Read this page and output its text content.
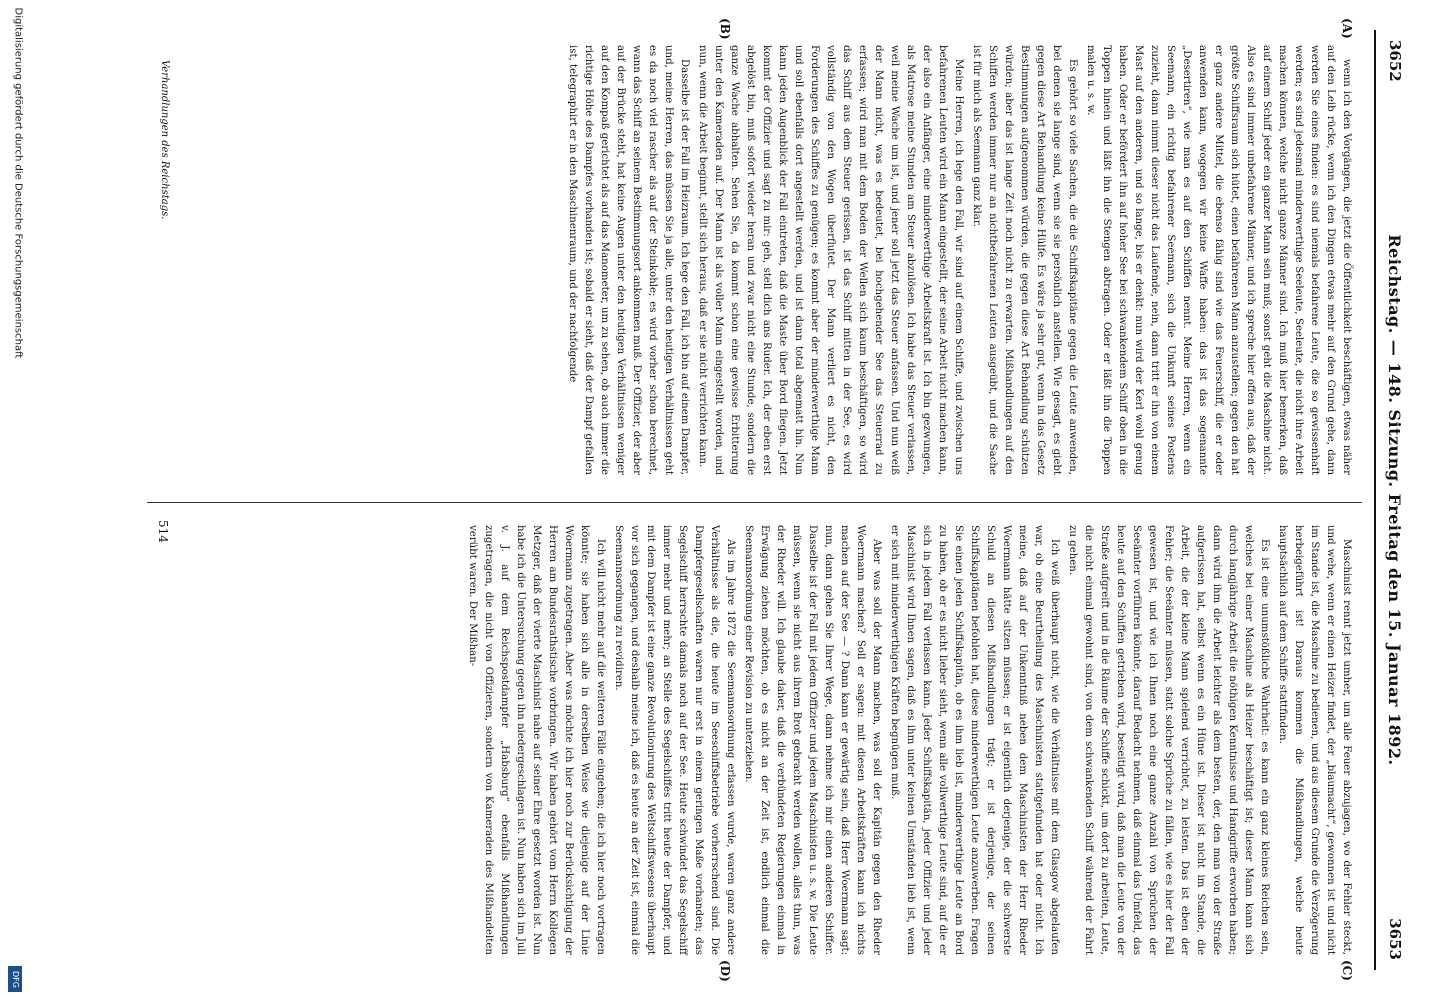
Digitalisierung gefördert durch die Deutsche Forschungsgemeinschaft
DFG
3652
Reichstag. — 148. Sitzung. Freitag den 15. Januar 1892.
3653
(A)
(B)
(C)
(D)

wenn ich den Vorgängen, die jetzt die Öffentlichkeit beschäftigen, etwas näher auf den Leib rücke, wenn ich den Dingen etwas mehr auf den Grund gehe, dann werden Sie eines finden: es sind niemals befahrene Leute, die so gewissenhaft werden; es sind jedesmal minderwerthige Seeleute, Seeleute, die nicht ihre Arbeit machen können, welche nicht ganze Männer sind. Ich muß hier bemerken, daß auf einem Schiff jeder ein ganzer Mann sein muß; sonst geht die Maschine nicht. Also es sind immer unbefahrene Männer, und ich spreche hier offen aus, daß der größte Schiffsraum sich hütet, einen befahrenen Mann anzustellen; gegen den hat er ganz andere Mittel, die ebenso fähig sind wie das Feuerschiff, die er oder anwenden kann, wogegen wir keine Waffe haben: das ist das sogenannte „Desertiren“, wie man es auf den Schiffen nennt. Meine Herren, wenn ein Seemann, ein richtig befahrener Seemann, sich die Unkunft seines Postens zuzieht, dann nimmt dieser nicht das Laufende, nein, dann tritt er ihn von einem Mast auf den anderen, und so lange, bis er denkt: nun wird der Kerl wohl genug haben. Oder er befördert ihn auf hoher See bei schwankendem Schiff oben in die Toppen hinein und läßt ihn die Stengen abtragen. Oder er läßt ihn die Toppen malen u. s. w.

Es gehört so viele Sachen, die die Schiffskapitäne gegen die Leute anwenden, bei denen sie lange sind, wenn sie sie persönlich anstellen. Wie gesagt, es giebt gegen diese Art Behandlung keine Hülfe. Es wäre ja sehr gut, wenn in das Gesetz Bestimmungen aufgenommen würden, die gegen diese Art Behandlung schützen würden; aber das ist lange Zeit noch nicht zu erwarten. Mißhandlungen auf den Schiffen werden immer nur an nichtbefahrenen Leuten ausgeübt, und die Sache ist für mich als Seemann ganz klar.

Meine Herren, ich lege den Fall, wir sind auf einem Schiffe, und zwischen uns befahrenen Leuten wird ein Mann eingestellt, der seine Arbeit nicht machen kann, der also ein Anfänger, eine minderwerthige Arbeitskraft ist. Ich bin gezwungen, als Matrose meine Stunden am Steuer abzulösen. Ich habe das Steuer verlassen, weil meine Wache um ist, und jener soll jetzt das Steuer anfassen. Und nun weiß der Mann nicht, was es bedeutet, bei hochgehender See das Steuerrad zu erfassen; wird man mit dem Boden der Wellen sich kaum beschäftigen, so wird das Schiff aus dem Steuer gerissen, ist das Schiff mitten in der See, es wird vollständig von den Wogen überflutet. Der Mann verliert es nicht, den Forderungen des Schiffes zu genügen; es kommt aber der minderwerthige Mann und soll ebenfalls dort angestellt werden, und ist dann total abgematt hin. Nun kann jeden Augenblick der Fall eintreten, daß die Maste über Bord fliegen. Jetzt kommt der Offizier und sagt zu mir: geh, stell dich ans Ruder. Ich, der eben erst abgelöst bin, muß sofort wieder heran und zwar nicht eine Stunde, sondern die ganze Wache abhalten. Sehen Sie, da kommt schon eine gewisse Erbitterung unter den Kameraden auf. Der Mann ist als voller Mann eingestellt worden, und nun, wenn die Arbeit beginnt, stellt sich heraus, daß er sie nicht verrichten kann.

Dasselbe ist der Fall im Heizraum. Ich lege den Fall, ich bin auf einem Dampfer, und, meine Herren, das müssen Sie ja alle, unter den heutigen Verhältnissen geht es da noch viel rascher als auf der Steinkohle; es wird vorher schon berechnet, wann das Schiff an seinem Bestimmungsort ankommen muß. Der Offizier, der aber auf der Brücke steht, hat keine Augen unter den heutigen Verhältnissen weniger auf den Kompaß gerichtet als auf das Manometer, um zu sehen, ob auch immer die richtige Höhe des Dampfes vorhanden ist; sobald er sieht, daß der Dampf gefallen ist, telegraphirt er in den Maschinenraum, und der nachfolgende

Verhandlungen des Reichstags.

Maschinist rennt jetzt umher, um alle Feuer abzujagen, wo der Fehler steckt, und wehe, wenn er einen Heizer findet, der „blaumacht“, gewonnen ist und nicht im Stande ist, die Maschine zu bedienen, und aus diesem Grunde die Verzögerung herbeigeführt ist! Daraus kommen die Mißhandlungen, welche heute hauptsächlich auf dem Schiffe stattfinden.

Es ist eine unumstößliche Wahrheit: es kann ein ganz kleines Reichen sein, welches bei einer Maschine als Heizer beschäftigt ist; dieser Mann kann sich durch langjährige Arbeit die nöthigen Kenntnisse und Handgriffe erworben haben; dann wird ihm die Arbeit leichter als dem besten, der, den man von der Straße aufgerissen hat, selbst wenn es ein Hüne ist. Dieser ist nicht im Stande, die Arbeit, die der kleine Mann spielend verrichtet, zu leisten. Das ist eben der Fehler; die Seeämter müssen, statt solche Sprüche zu fällen, wie es hier der Fall gewesen ist, und wie ich Ihnen noch eine ganze Anzahl von Sprüchen der Seeämter vorführen könnte, darauf Bedacht nehmen, daß einmal das Umfeld, das heute auf den Schiffen getrieben wird, beseitigt wird, daß man die Leute von der Straße aufgreift und in die Räume der Schiffe schickt, um dort zu arbeiten, Leute, die nicht einmal gewohnt sind, von dem schwankenden Schiff während der Fahrt zu gehen.

Ich weiß überhaupt nicht, wie die Verhältnisse mit dem Glasgow abgelaufen war, ob eine Beurtheilung des Maschinisten stattgefunden hat oder nicht. Ich meine, daß auf der Unkenntniß neben dem Maschinisten der Herr Rheder Woermann hätte sitzen müssen; er ist eigentlich derjenige, der die schwerste Schuld an diesen Mißhandlungen trägt; er ist derjenige, der seinen Schiffskapitänen befohlen hat, diese minderwerthigen Leute anzuwerben. Fragen Sie einen jeden Schiffskapitän, ob es ihm lieb ist, minderwerthige Leute an Bord zu haben, ob er es nicht lieber sieht, wenn alle vollwerthige Leute sind, auf die er sich in jedem Fall verlassen kann. Jeder Schiffskapitän, jeder Offizier und jeder Maschinist wird Ihnen sagen, daß es ihm unter keinen Umständen lieb ist, wenn er sich mit minderwerthigen Kräften begnügen muß.

Aber was soll der Mann machen, was soll der Kapitän gegen den Rheder Woermann machen? Soll er sagen: mit diesen Arbeitskräften kann ich nichts machen auf der See — ? Dann kann er gewärtig sein, daß Herr Woermann sagt: nun, dann gehen Sie Ihrer Wege, dann nehme ich mir einen anderen Schiffer. Dasselbe ist der Fall mit jedem Offizier und jedem Maschinisten u. s. w. Die Leute müssen, wenn sie nicht aus ihrem Brot gebracht werden wollen, alles thun, was der Rheder will. Ich glaube daher, daß die verbündeten Regierungen einmal in Erwägung ziehen möchten, ob es nicht an der Zeit ist, endlich einmal die Seemannsordnung einer Revision zu unterziehen.

Als im Jahre 1872 die Seemannsordnung erlassen wurde, waren ganz andere Verhältnisse als die, die heute im Seeschiffsbetriebe vorherrschend sind. Die Dampfergesellschaften waren nur erst in einem geringen Maße vorhanden; das Segelschiff herrschte damals noch auf der See. Heute schwindet das Segelschiff immer mehr und mehr; an Stelle des Segelschiffes tritt heute der Dampfer, und mit dem Dampfer ist eine ganze Revolutionirung des Weltschiffswesens überhaupt vor sich gegangen, und deshalb meine ich, daß es heute an der Zeit ist, einmal die Seemannsordnung zu revidiren.

Ich will nicht mehr auf die weiteren Fälle eingehen; die ich hier noch vortragen könnte; sie haben sich alle in derselben Weise wie diejenige auf der Linie Woermann zugetragen. Aber was möchte ich hier noch zur Berücksichtigung der Herren am Bundesrathstische vorbringen. Wir haben gehört vom Herrn Kollegen Metzger, daß der vierte Maschinist nahe auf seiner Ehre gesetzt worden ist. Nun habe ich die Untersuchung gegen ihn niedergeschlagen ist. Nun haben sich im Juli v. J. auf dem Reichspostdampfer „Habsburg“ ebenfalls Mißhandlungen zugetragen, die nicht von Offizieren, sondern von Kameraden des Mißhandelten verübt waren. Der Mißhan-

514
